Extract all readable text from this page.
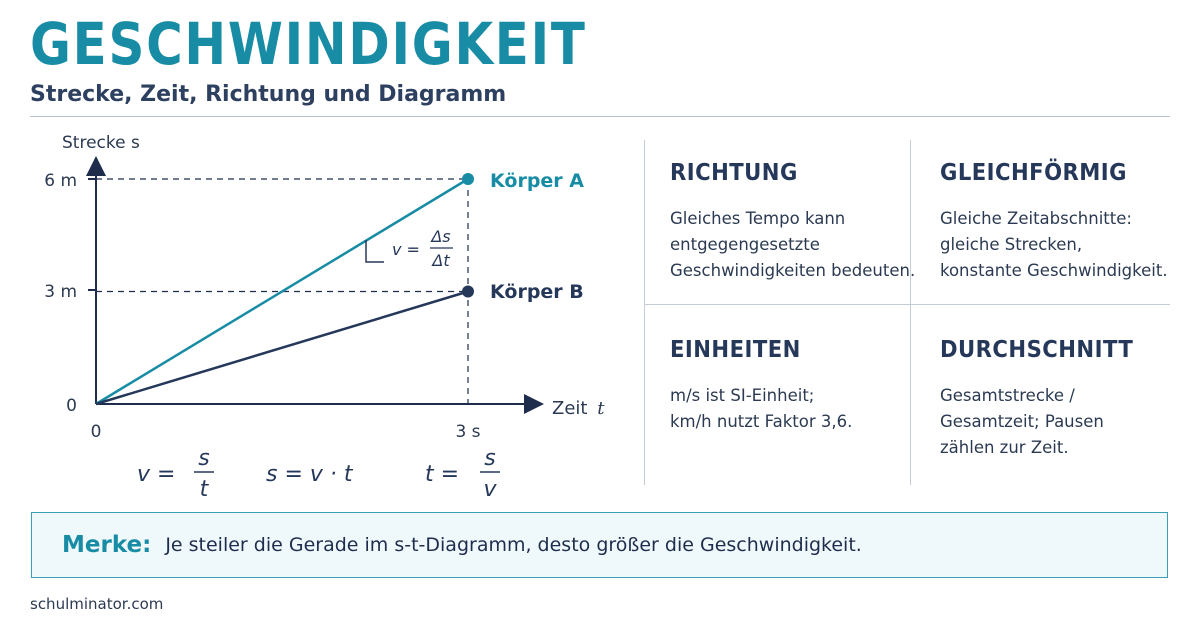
GESCHWINDIGKEIT
Strecke, Zeit, Richtung und Diagramm
Strecke s
6 m
3 m
0
0	3 s
Zeit t
Körper A
Körper B
v =
Δs
Δt
v =
s
t
s = v · t	t =
s
v
RICHTUNG

Gleiches Tempo kann
entgegengesetzte
Geschwindigkeiten bedeuten.

GLEICHFÖRMIG

Gleiche Zeitabschnitte:
gleiche Strecken,
konstante Geschwindigkeit.

EINHEITEN

m/s ist SI-Einheit;
km/h nutzt Faktor 3,6.

DURCHSCHNITT

Gesamtstrecke /
Gesamtzeit; Pausen
zählen zur Zeit.

Merke: Je steiler die Gerade im s-t-Diagramm, desto größer die Geschwindigkeit.
schulminator.com
